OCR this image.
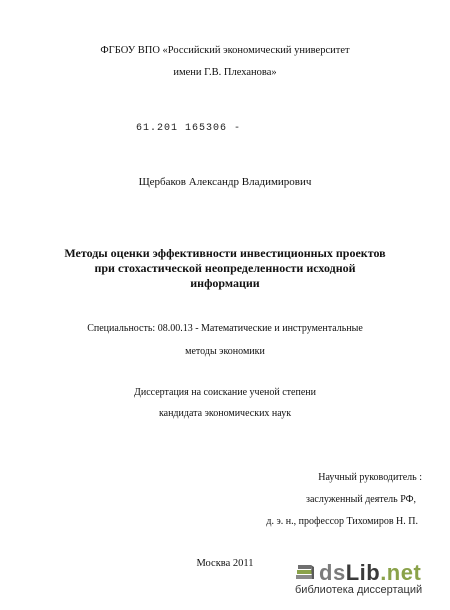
ФГБОУ ВПО «Российский экономический университет
имени Г.В. Плеханова»
61.201 165306 -
Щербаков Александр Владимирович
Методы оценки эффективности инвестиционных проектов
при стохастической неопределенности исходной
информации
Специальность: 08.00.13 - Математические и инструментальные
методы экономики
Диссертация на соискание ученой степени
кандидата экономических наук
Научный руководитель :
заслуженный деятель РФ,
д. э. н., профессор Тихомиров Н. П.
Москва 2011	ds Lib .net
библиотека диссертаций
